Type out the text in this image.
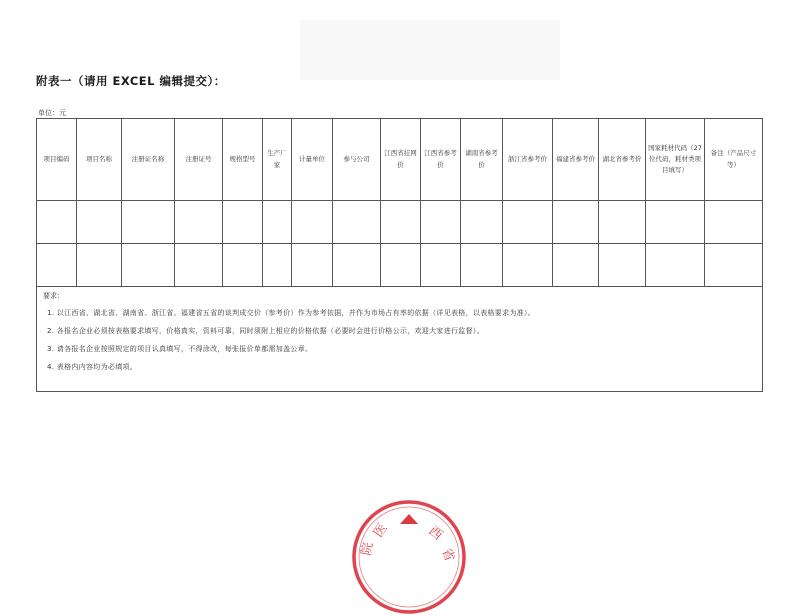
附表一（请用 EXCEL 编辑提交）：
单位：元
项目编码	项目名称	注册证名称	注册证号	规格型号	生产厂家	计量单位	参与公司	江西省挂网价	江西省参考价	湖南省参考价	浙江省参考价	福建省参考价	湖北省参考价	国家耗材代码（27 位代码，耗材类项目填写）	备注（产品尺寸等）

要求：
1. 以江西省、湖北省、湖南省、浙江省、福建省五省的谈判成交价（参考价）作为参考依据，并作为市场占有率的依据（详见表格，以表格要求为准）。
2. 各报名企业必须按表格要求填写，价格真实，资料可靠，同时须附上相应的价格依据（必要时会进行价格公示，欢迎大家进行监督）。
3. 请各报名企业按照规定的项目认真填写，不得涂改，每张报价单都需加盖公章。
4. 表格内内容均为必填项。															
医
院
西
省
